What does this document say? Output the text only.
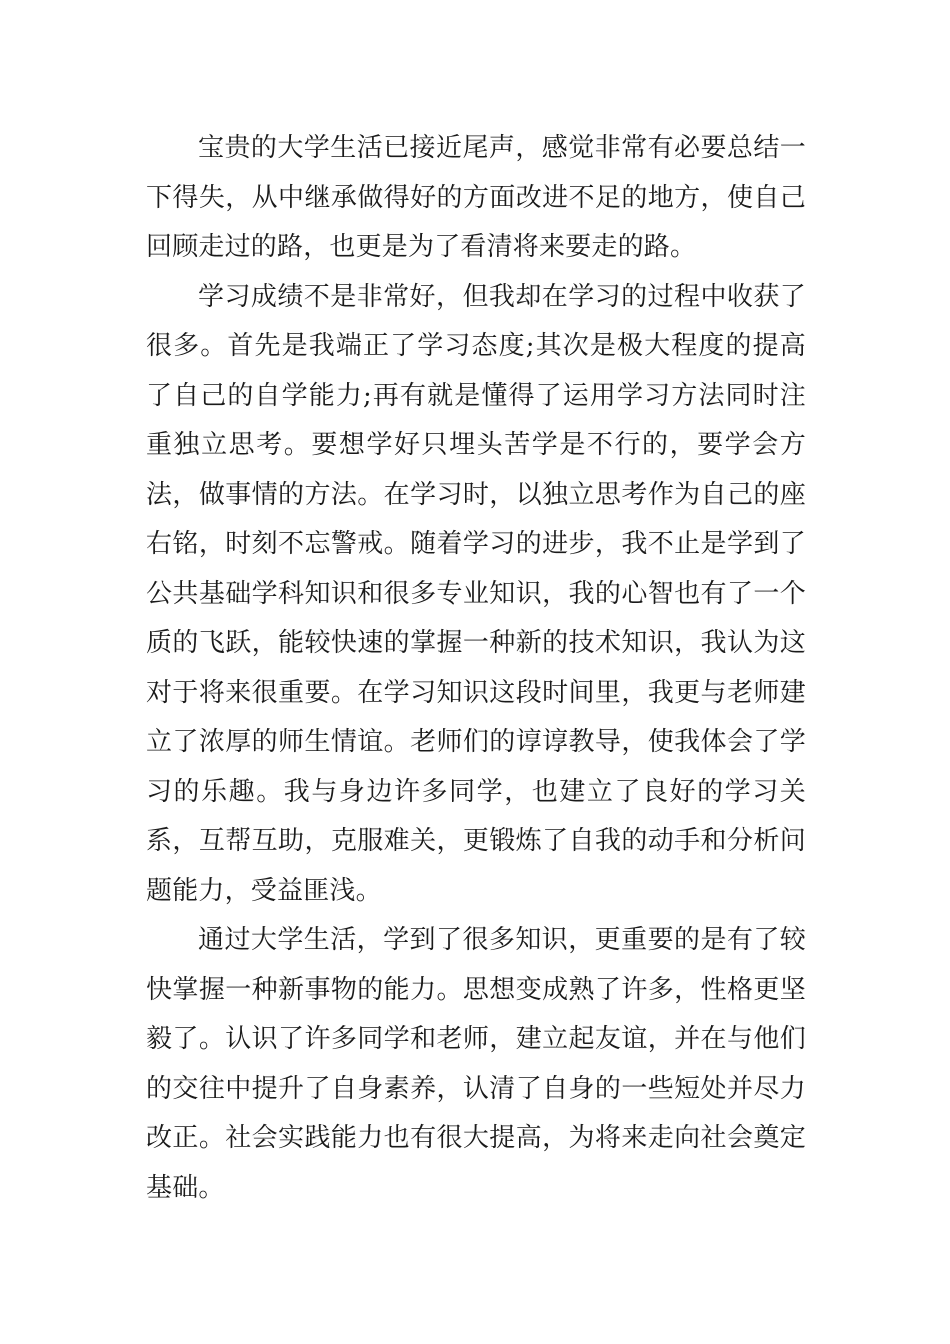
宝贵的大学生活已接近尾声，感觉非常有必要总结一下得失，从中继承做得好的方面改进不足的地方，使自己回顾走过的路，也更是为了看清将来要走的路。

学习成绩不是非常好，但我却在学习的过程中收获了很多。首先是我端正了学习态度;其次是极大程度的提高了自己的自学能力;再有就是懂得了运用学习方法同时注重独立思考。要想学好只埋头苦学是不行的，要学会方法，做事情的方法。在学习时，以独立思考作为自己的座右铭，时刻不忘警戒。随着学习的进步，我不止是学到了公共基础学科知识和很多专业知识，我的心智也有了一个质的飞跃，能较快速的掌握一种新的技术知识，我认为这对于将来很重要。在学习知识这段时间里，我更与老师建立了浓厚的师生情谊。老师们的谆谆教导，使我体会了学习的乐趣。我与身边许多同学，也建立了良好的学习关系，互帮互助，克服难关，更锻炼了自我的动手和分析问题能力，受益匪浅。

通过大学生活，学到了很多知识，更重要的是有了较快掌握一种新事物的能力。思想变成熟了许多，性格更坚毅了。认识了许多同学和老师，建立起友谊，并在与他们的交往中提升了自身素养，认清了自身的一些短处并尽力改正。社会实践能力也有很大提高，为将来走向社会奠定基础。
